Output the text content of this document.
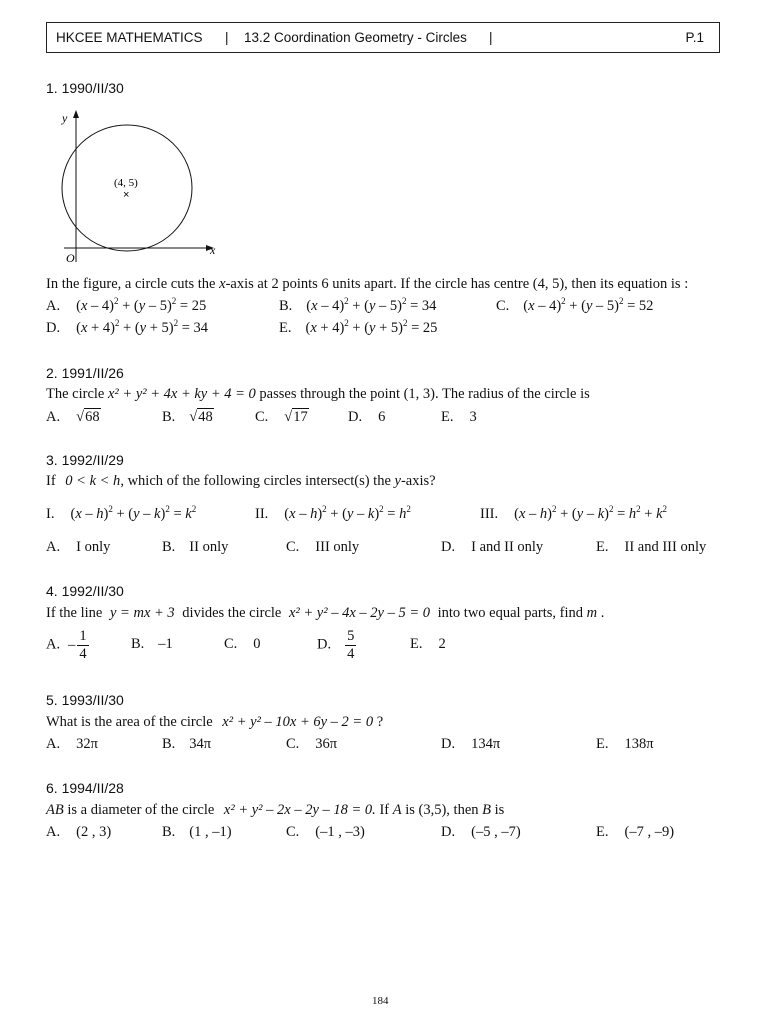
HKCEE MATHEMATICS | 13.2 Coordination Geometry - Circles |	P.1
1. 1990/II/30
y
x
O
(4, 5)
×
In the figure, a circle cuts the x-axis at 2 points 6 units apart. If the circle has centre (4, 5), then its equation is :
A. (x – 4)$^2$ + (y – 5)$^2$ = 25	B. (x – 4)$^2$ + (y – 5)$^2$ = 34	C. (x – 4)$^2$ + (y – 5)$^2$ = 52
D. $(x + 4)^2 + (y + 5)^2 = 34$	E. $(x + 4)^2 + (y + 5)^2 = 25$
2. 1991/II/26
The circle x² + y² + 4x + ky + 4 = 0 passes through the point (1, 3). The radius of the circle is
A. √68	B. √48	C. √17	D. 6	E. 3
3. 1992/II/29
If 0 < k < h, which of the following circles intersect(s) the y-axis?
I. $(x - h)^2 + (y - k)^2 = k^2$	II. $(x - h)^2 + (y - k)^2 = h^2$	III. $(x - h)^2 + (y - k)^2 = h^2 + k^2$
A. I only	B. II only	C. III only	D. I and II only	E. II and III only
4. 1992/II/30
If the line y = mx + 3 divides the circle x² + y² – 4x – 2y – 5 = 0 into two equal parts, find m .
A. – $\frac{1}{4}$	B. –1	C. 0	D. $\frac{5}{4}$	E. 2
5. 1993/II/30
What is the area of the circle x² + y² – 10x + 6y – 2 = 0 ?
A. 32π	B. 34π	C. 36π	D. 134π	E. 138π
6. 1994/II/28
AB is a diameter of the circle x² + y² – 2x – 2y – 18 = 0. If A is (3,5), then B is
A. (2 , 3)	B. (1 , –1)	C. (–1 , –3)	D. (–5 , –7)	E. (–7 , –9)
184
